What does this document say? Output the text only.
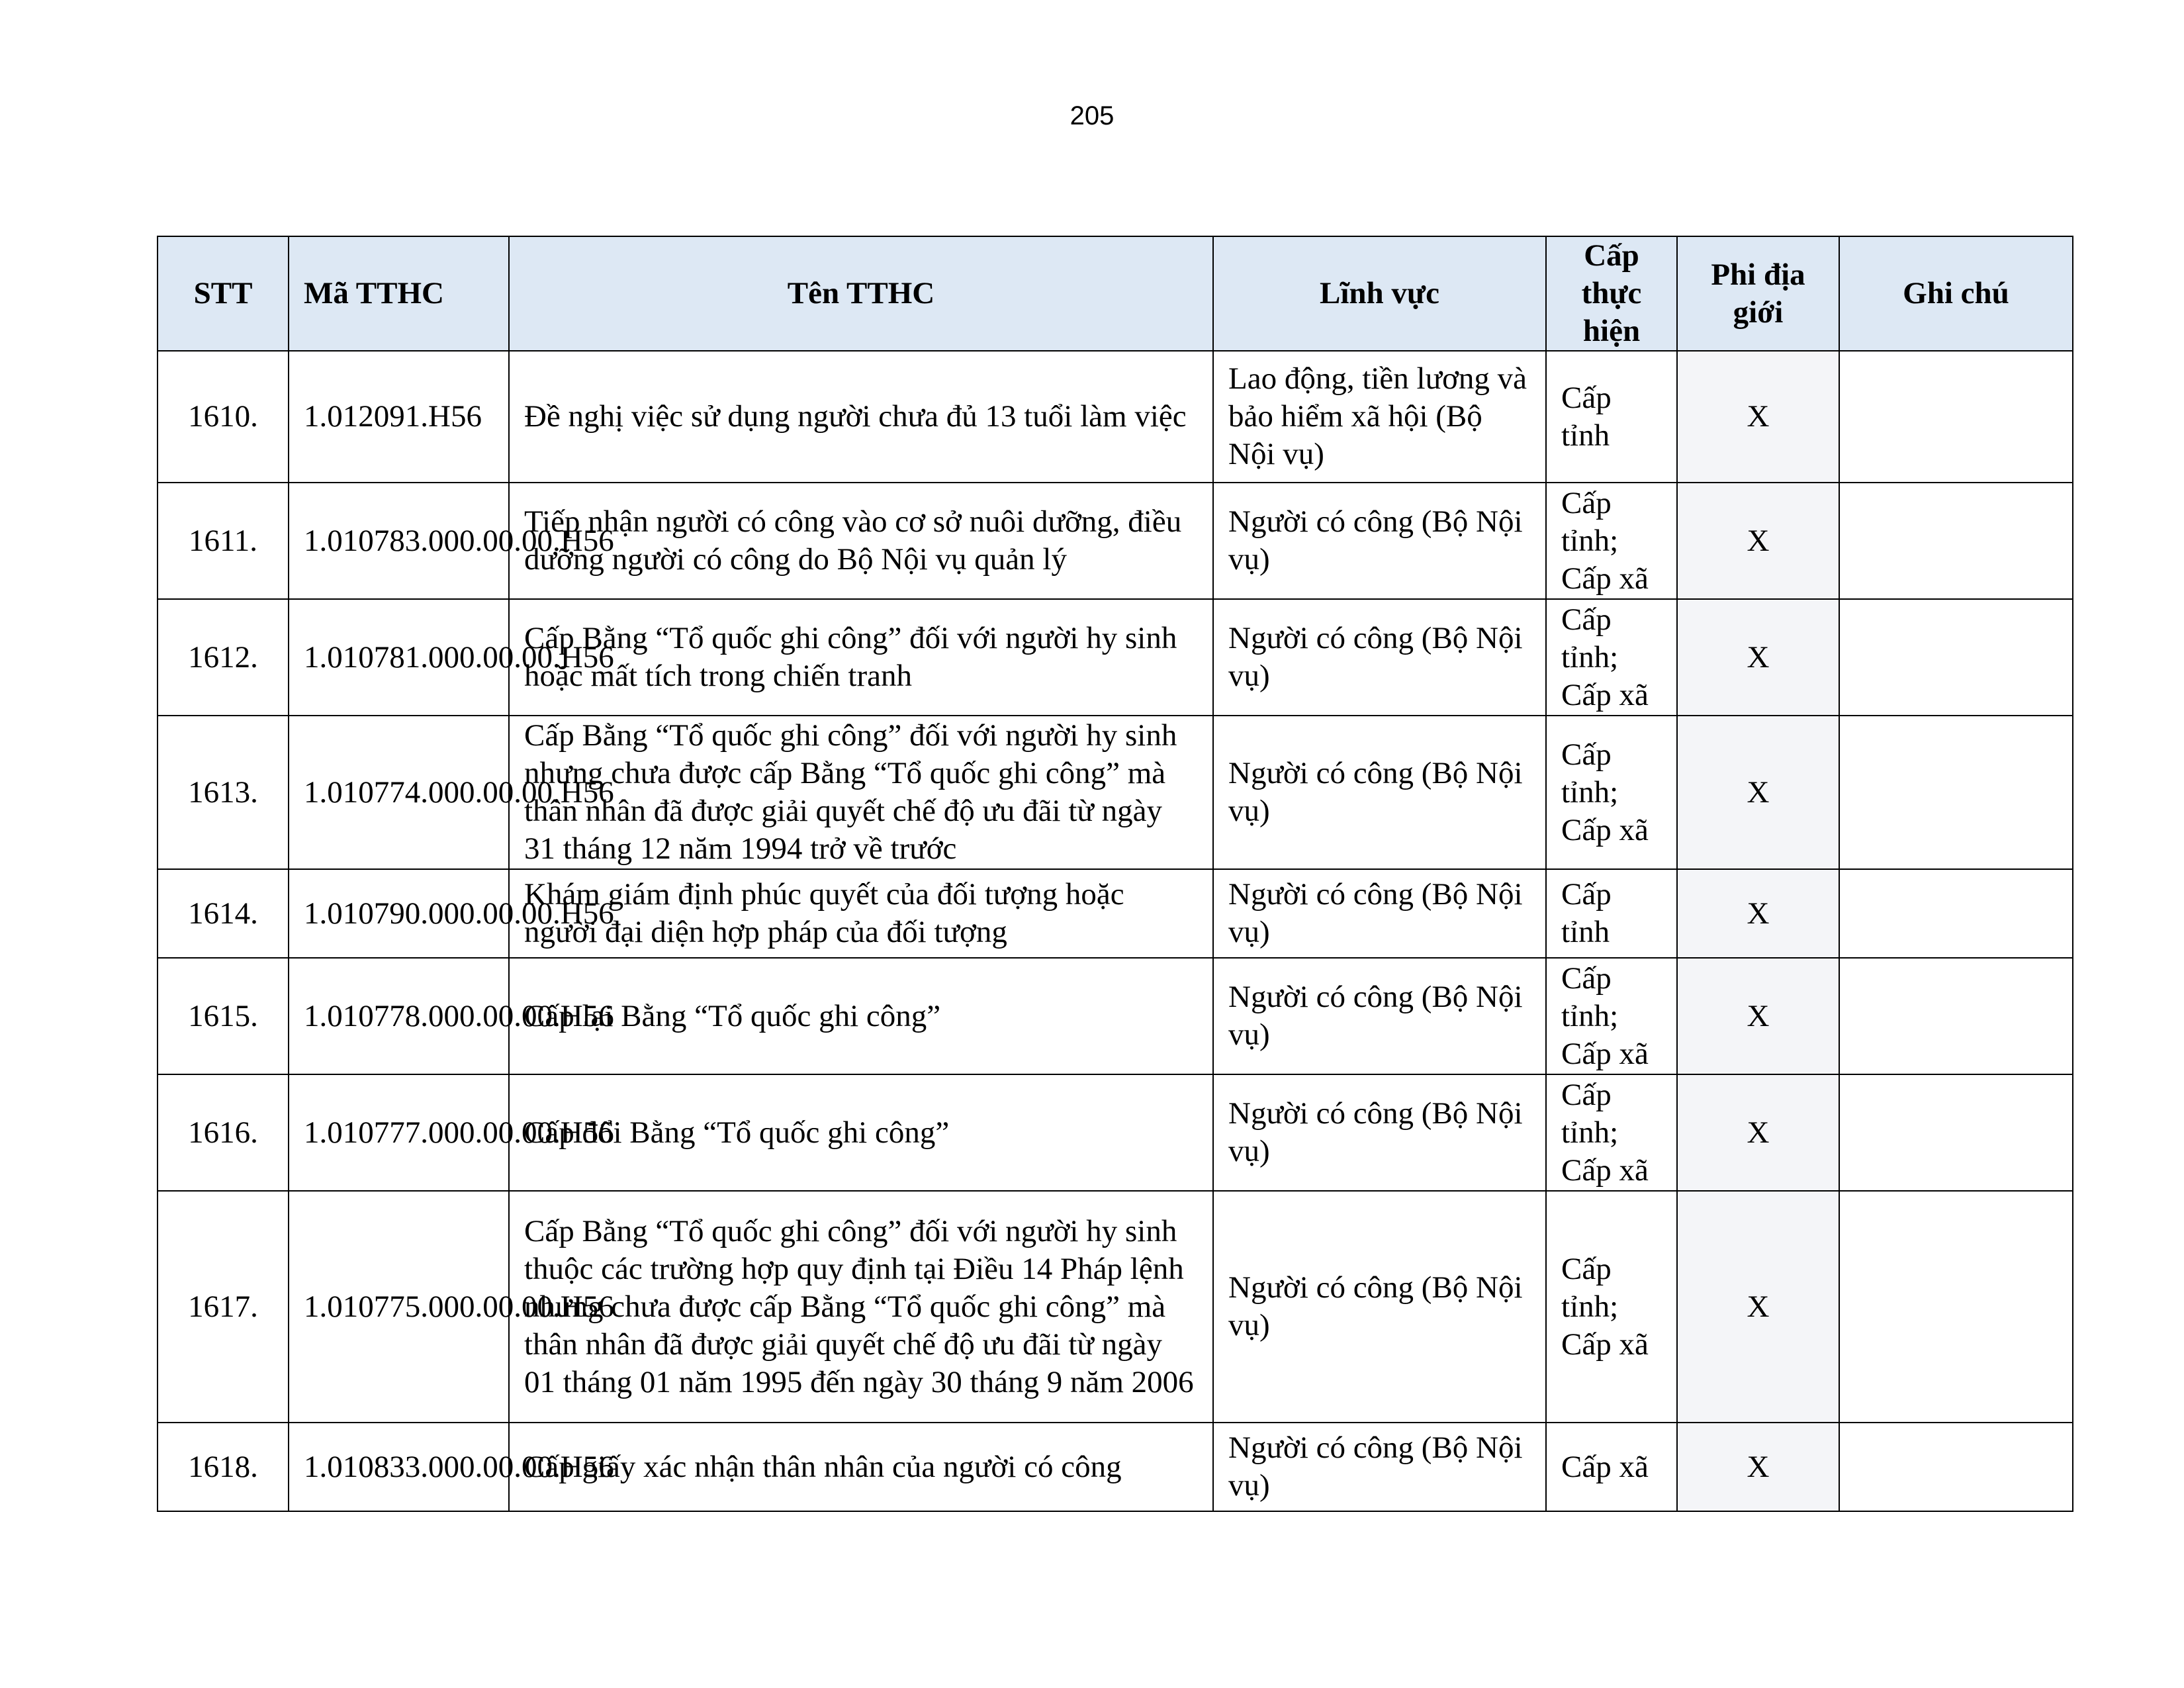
205
STT	Mã TTHC	Tên TTHC	Lĩnh vực	Cấp thực hiện	Phi địa giới	Ghi chú
1610.	1.012091.H56	Đề nghị việc sử dụng người chưa đủ 13 tuổi làm việc	Lao động, tiền lương và bảo hiểm xã hội (Bộ Nội vụ)	Cấp tỉnh	X	
1611.	1.010783.000.00.00.H56	Tiếp nhận người có công vào cơ sở nuôi dưỡng, điều dưỡng người có công do Bộ Nội vụ quản lý	Người có công (Bộ Nội vụ)	Cấp tỉnh; Cấp xã	X	
1612.	1.010781.000.00.00.H56	Cấp Bằng “Tổ quốc ghi công” đối với người hy sinh hoặc mất tích trong chiến tranh	Người có công (Bộ Nội vụ)	Cấp tỉnh; Cấp xã	X	
1613.	1.010774.000.00.00.H56	Cấp Bằng “Tổ quốc ghi công” đối với người hy sinh nhưng chưa được cấp Bằng “Tổ quốc ghi công” mà thân nhân đã được giải quyết chế độ ưu đãi từ ngày 31 tháng 12 năm 1994 trở về trước	Người có công (Bộ Nội vụ)	Cấp tỉnh; Cấp xã	X	
1614.	1.010790.000.00.00.H56	Khám giám định phúc quyết của đối tượng hoặc người đại diện hợp pháp của đối tượng	Người có công (Bộ Nội vụ)	Cấp tỉnh	X	
1615.	1.010778.000.00.00.H56	Cấp lại Bằng “Tổ quốc ghi công”	Người có công (Bộ Nội vụ)	Cấp tỉnh; Cấp xã	X	
1616.	1.010777.000.00.00.H56	Cấp đổi Bằng “Tổ quốc ghi công”	Người có công (Bộ Nội vụ)	Cấp tỉnh; Cấp xã	X	
1617.	1.010775.000.00.00.H56	Cấp Bằng “Tổ quốc ghi công” đối với người hy sinh thuộc các trường hợp quy định tại Điều 14 Pháp lệnh nhưng chưa được cấp Bằng “Tổ quốc ghi công” mà thân nhân đã được giải quyết chế độ ưu đãi từ ngày 01 tháng 01 năm 1995 đến ngày 30 tháng 9 năm 2006	Người có công (Bộ Nội vụ)	Cấp tỉnh; Cấp xã	X	
1618.	1.010833.000.00.00.H56	Cấp giấy xác nhận thân nhân của người có công	Người có công (Bộ Nội vụ)	Cấp xã	X	
